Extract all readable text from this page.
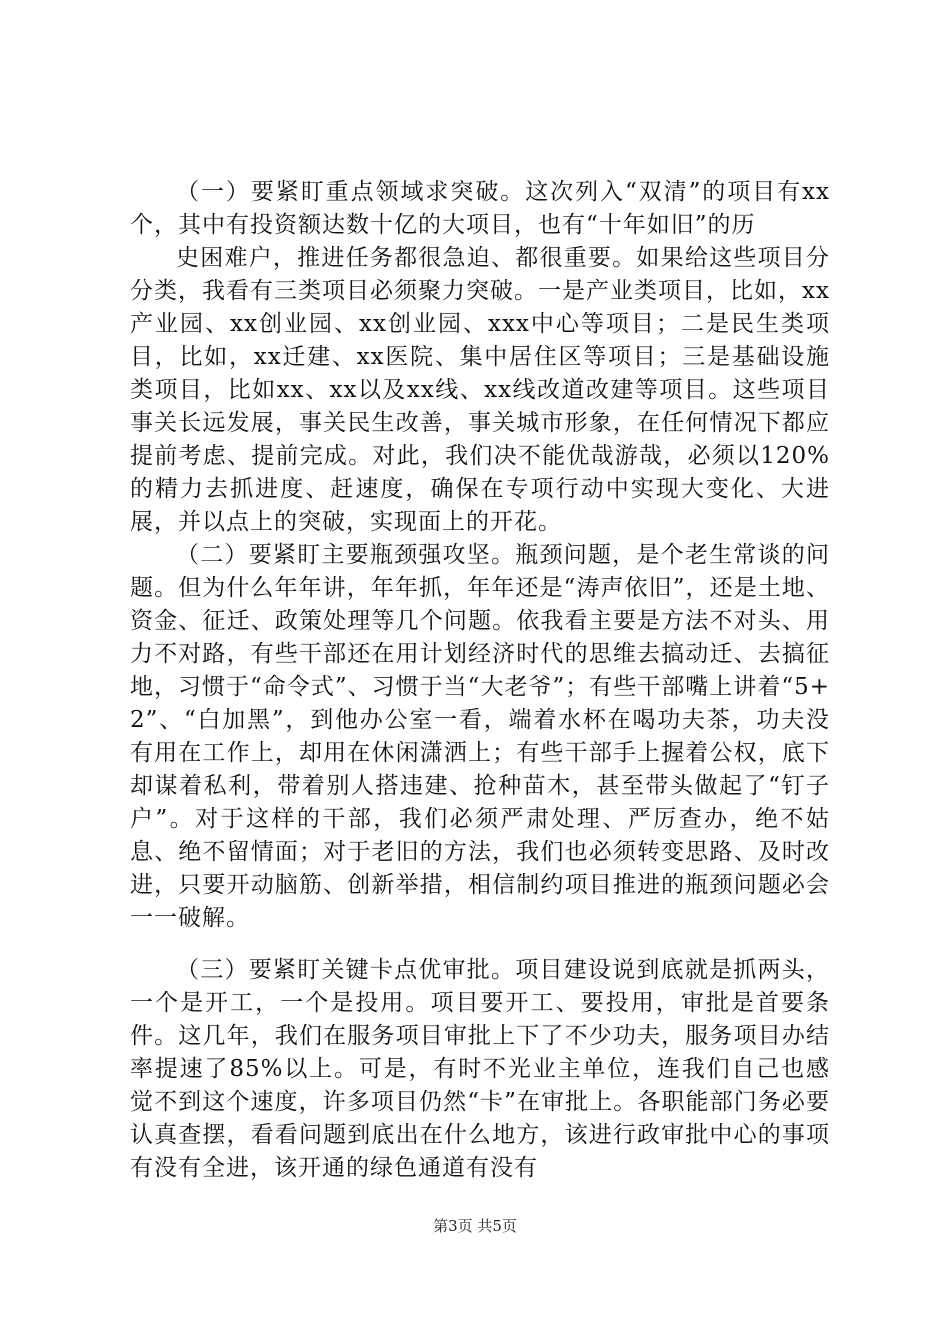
（一）要紧盯重点领域求突破。这次列入“双清”的项目有xx个，其中有投资额达数十亿的大项目，也有“十年如旧”的历

史困难户，推进任务都很急迫、都很重要。如果给这些项目分分类，我看有三类项目必须聚力突破。一是产业类项目，比如，xx产业园、xx创业园、xx创业园、xxx中心等项目；二是民生类项目，比如，xx迁建、xx医院、集中居住区等项目；三是基础设施类项目，比如xx、xx以及xx线、xx线改道改建等项目。这些项目事关长远发展，事关民生改善，事关城市形象，在任何情况下都应提前考虑、提前完成。对此，我们决不能优哉游哉，必须以120%的精力去抓进度、赶速度，确保在专项行动中实现大变化、大进展，并以点上的突破，实现面上的开花。

（二）要紧盯主要瓶颈强攻坚。瓶颈问题，是个老生常谈的问题。但为什么年年讲，年年抓，年年还是“涛声依旧”，还是土地、资金、征迁、政策处理等几个问题。依我看主要是方法不对头、用力不对路，有些干部还在用计划经济时代的思维去搞动迁、去搞征地，习惯于“命令式”、习惯于当“大老爷”；有些干部嘴上讲着“5+2”、“白加黑”，到他办公室一看，端着水杯在喝功夫茶，功夫没有用在工作上，却用在休闲潇洒上；有些干部手上握着公权，底下却谋着私利，带着别人搭违建、抢种苗木，甚至带头做起了“钉子户”。对于这样的干部，我们必须严肃处理、严厉查办，绝不姑息、绝不留情面；对于老旧的方法，我们也必须转变思路、及时改进，只要开动脑筋、创新举措，相信制约项目推进的瓶颈问题必会一一破解。

（三）要紧盯关键卡点优审批。项目建设说到底就是抓两头，一个是开工，一个是投用。项目要开工、要投用，审批是首要条件。这几年，我们在服务项目审批上下了不少功夫，服务项目办结率提速了85%以上。可是，有时不光业主单位，连我们自己也感觉不到这个速度，许多项目仍然“卡”在审批上。各职能部门务必要认真查摆，看看问题到底出在什么地方，该进行政审批中心的事项有没有全进，该开通的绿色通道有没有

第3页 共5页
